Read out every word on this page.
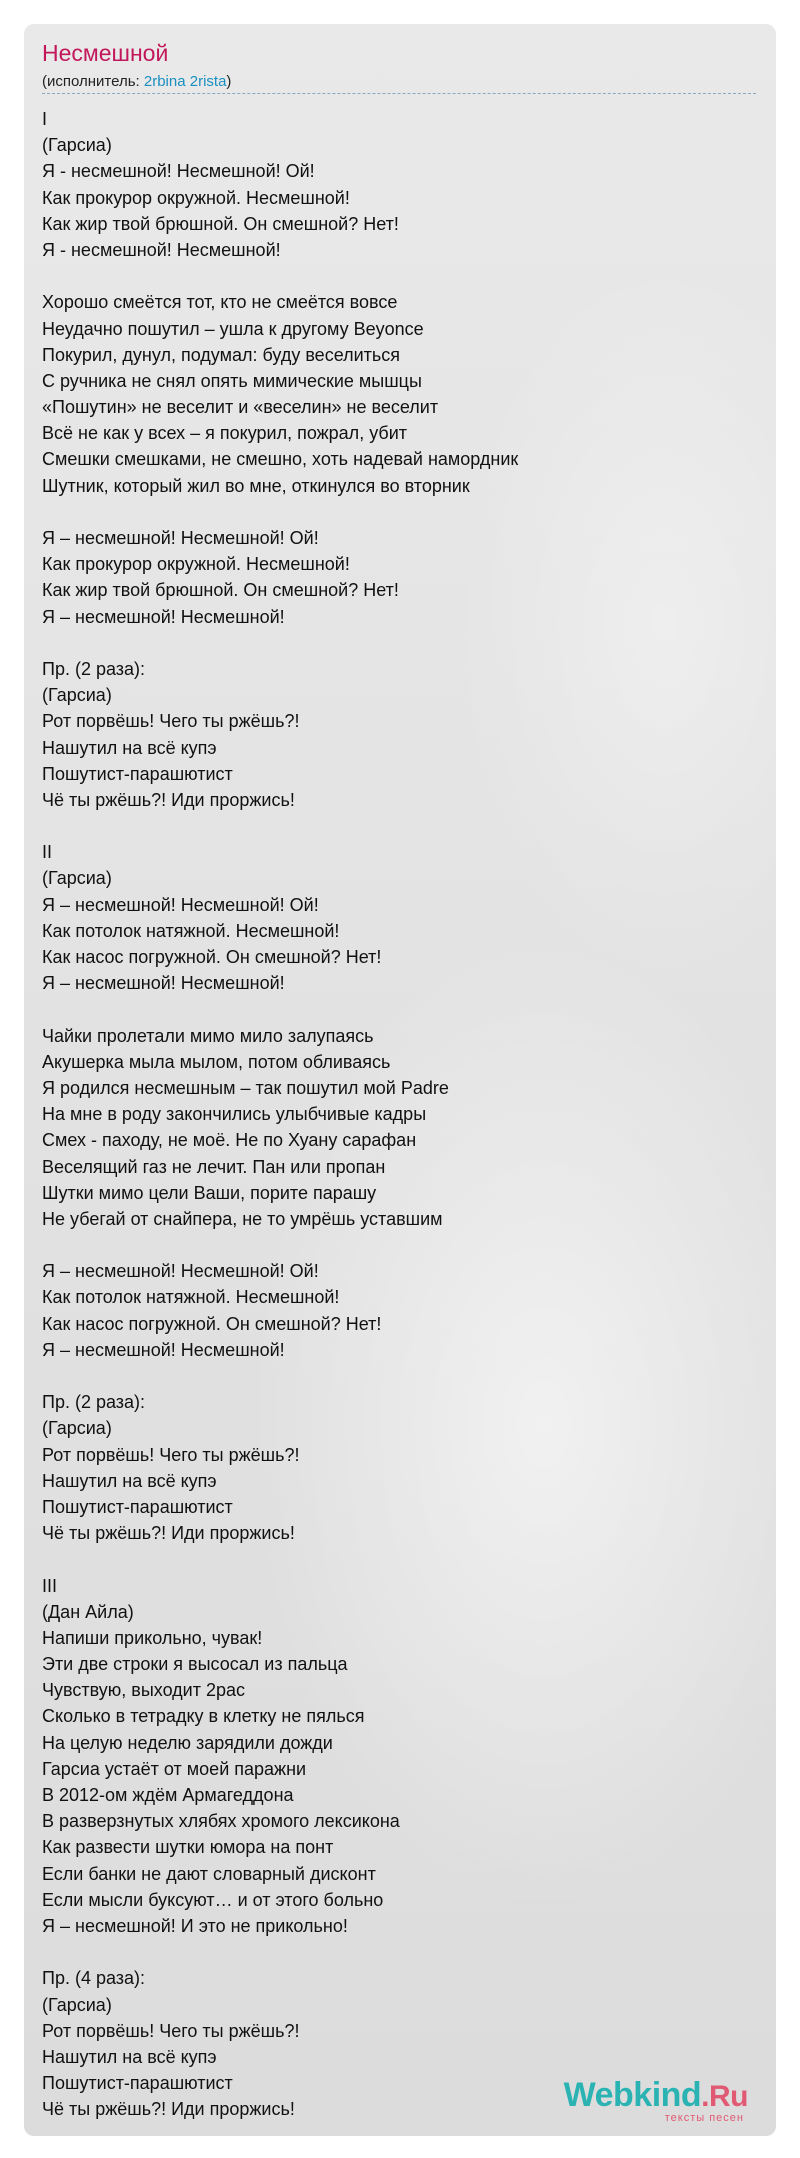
Несмешной
(исполнитель: 2rbina 2rista)
I
(Гарсиа)
Я - несмешной! Несмешной! Ой!
Как прокурор окружной. Несмешной!
Как жир твой брюшной. Он смешной? Нет!
Я - несмешной! Несмешной!
Хорошо смеётся тот, кто не смеётся вовсе
Неудачно пошутил – ушла к другому Beyonce
Покурил, дунул, подумал: буду веселиться
С ручника не снял опять мимические мышцы
«Пошутин» не веселит и «веселин» не веселит
Всё не как у всех – я покурил, пожрал, убит
Смешки смешками, не смешно, хоть надевай намордник
Шутник, который жил во мне, откинулся во вторник
Я – несмешной! Несмешной! Ой!
Как прокурор окружной. Несмешной!
Как жир твой брюшной. Он смешной? Нет!
Я – несмешной! Несмешной!
Пр. (2 раза):
(Гарсиа)
Рот порвёшь! Чего ты ржёшь?!
Нашутил на всё купэ
Пошутист-парашютист
Чё ты ржёшь?! Иди проржись!
II
(Гарсиа)
Я – несмешной! Несмешной! Ой!
Как потолок натяжной. Несмешной!
Как насос погружной. Он смешной? Нет!
Я – несмешной! Несмешной!
Чайки пролетали мимо мило залупаясь
Акушерка мыла мылом, потом обливаясь
Я родился несмешным – так пошутил мой Padre
На мне в роду закончились улыбчивые кадры
Смех - паходу, не моё. Не по Хуану сарафан
Веселящий газ не лечит. Пан или пропан
Шутки мимо цели Ваши, порите парашу
Не убегай от снайпера, не то умрёшь уставшим
Я – несмешной! Несмешной! Ой!
Как потолок натяжной. Несмешной!
Как насос погружной. Он смешной? Нет!
Я – несмешной! Несмешной!
Пр. (2 раза):
(Гарсиа)
Рот порвёшь! Чего ты ржёшь?!
Нашутил на всё купэ
Пошутист-парашютист
Чё ты ржёшь?! Иди проржись!
III
(Дан Айла)
Напиши прикольно, чувак!
Эти две строки я высосал из пальца
Чувствую, выходит 2рас
Сколько в тетрадку в клетку не пялься
На целую неделю зарядили дожди
Гарсиа устаёт от моей паражни
В 2012-ом ждём Армагеддона
В разверзнутых хлябях хромого лексикона
Как развести шутки юмора на понт
Если банки не дают словарный дисконт
Если мысли буксуют… и от этого больно
Я – несмешной! И это не прикольно!
Пр. (4 раза):
(Гарсиа)
Рот порвёшь! Чего ты ржёшь?!
Нашутил на всё купэ
Пошутист-парашютист
Чё ты ржёшь?! Иди проржись!	Webkind.Ru
тексты песен
